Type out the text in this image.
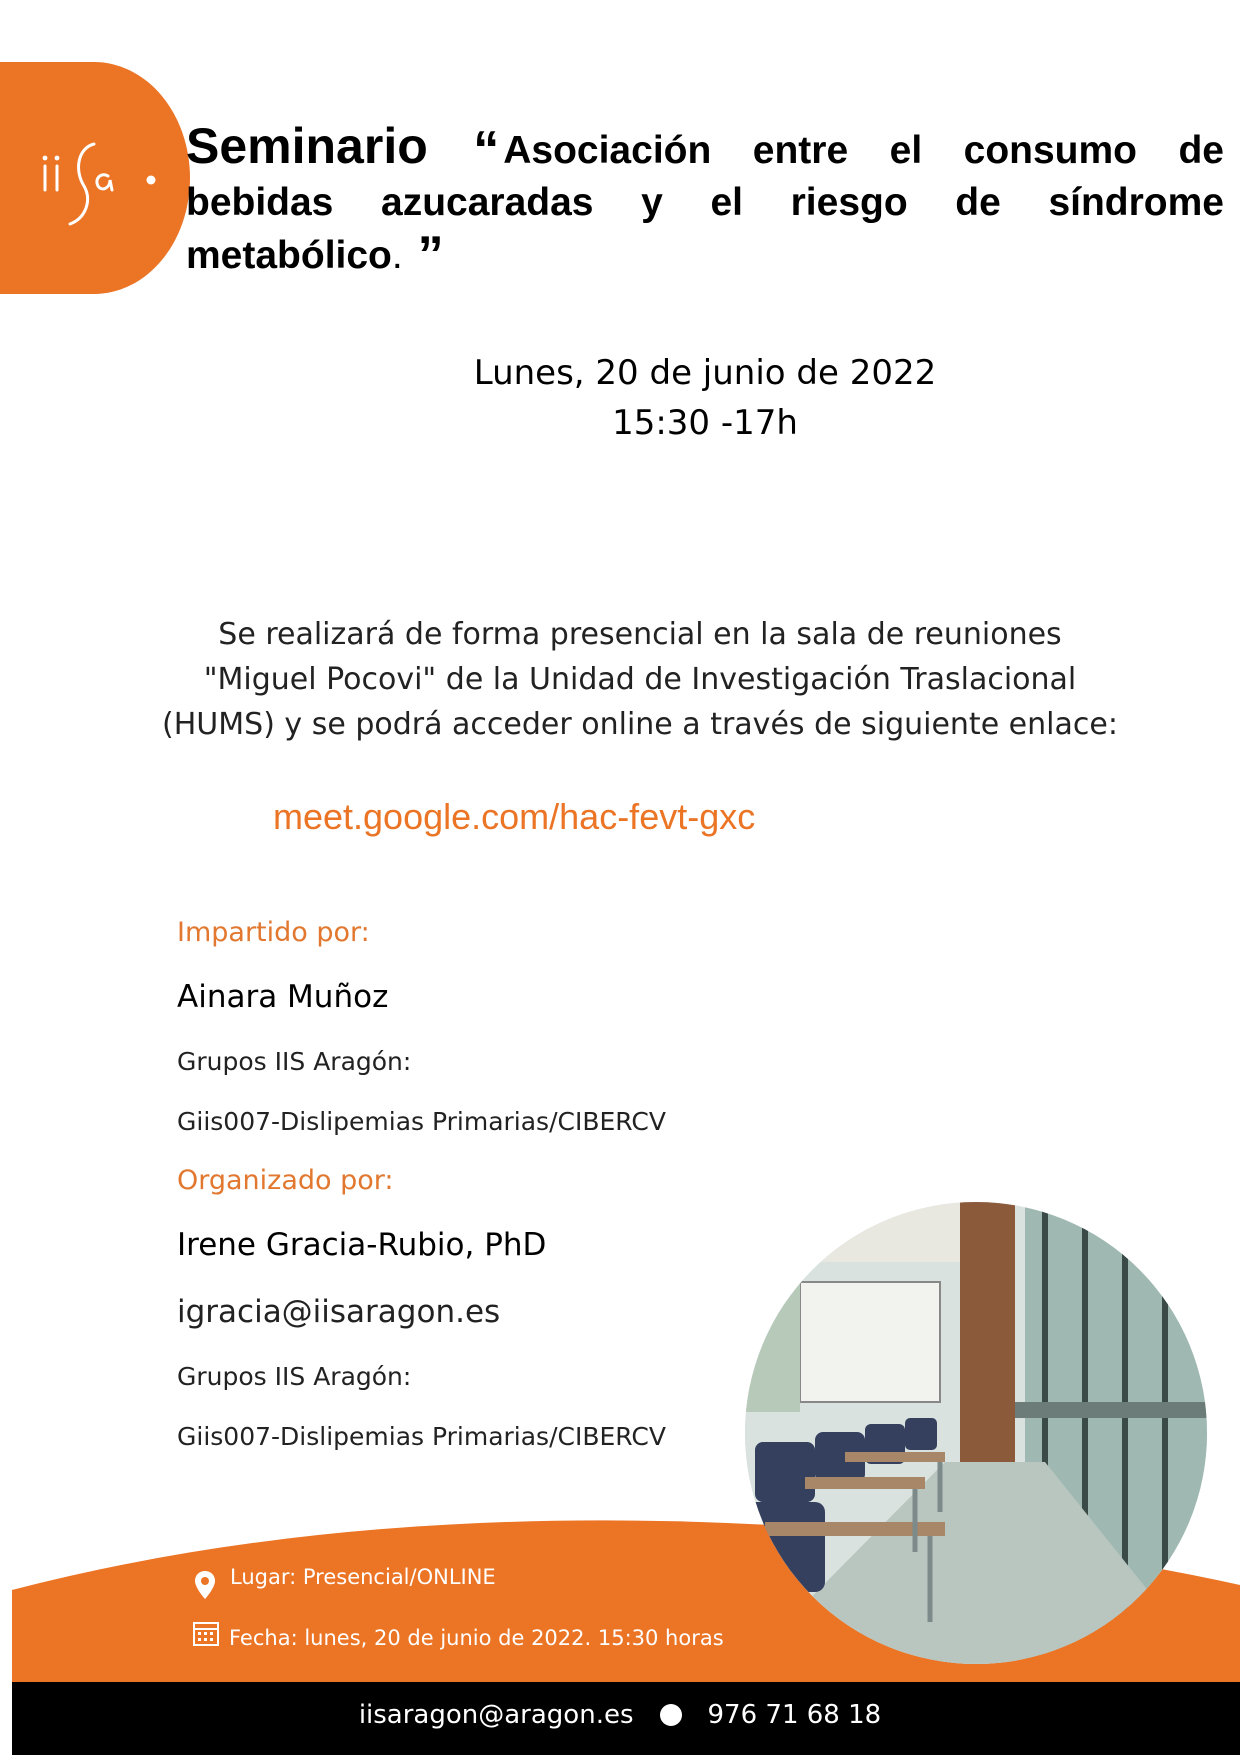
Seminario “ Asociación entre el consumo de bebidas azucaradas y el riesgo de síndrome metabólico. ”
Lunes, 20 de junio de 2022
15:30 -17h
Se realizará de forma presencial en la sala de reuniones "Miguel Pocovi" de la Unidad de Investigación Traslacional (HUMS) y se podrá acceder online a través de siguiente enlace:
meet.google.com/hac-fevt-gxc
Impartido por:
Ainara Muñoz
Grupos IIS Aragón:
Giis007-Dislipemias Primarias/CIBERCV
Organizado por:
Irene Gracia-Rubio, PhD
igracia@iisaragon.es
Grupos IIS Aragón:
Giis007-Dislipemias Primarias/CIBERCV
Lugar: Presencial/ONLINE
Fecha: lunes, 20 de junio de 2022. 15:30 horas
iisaragon@aragon.es	976 71 68 18
